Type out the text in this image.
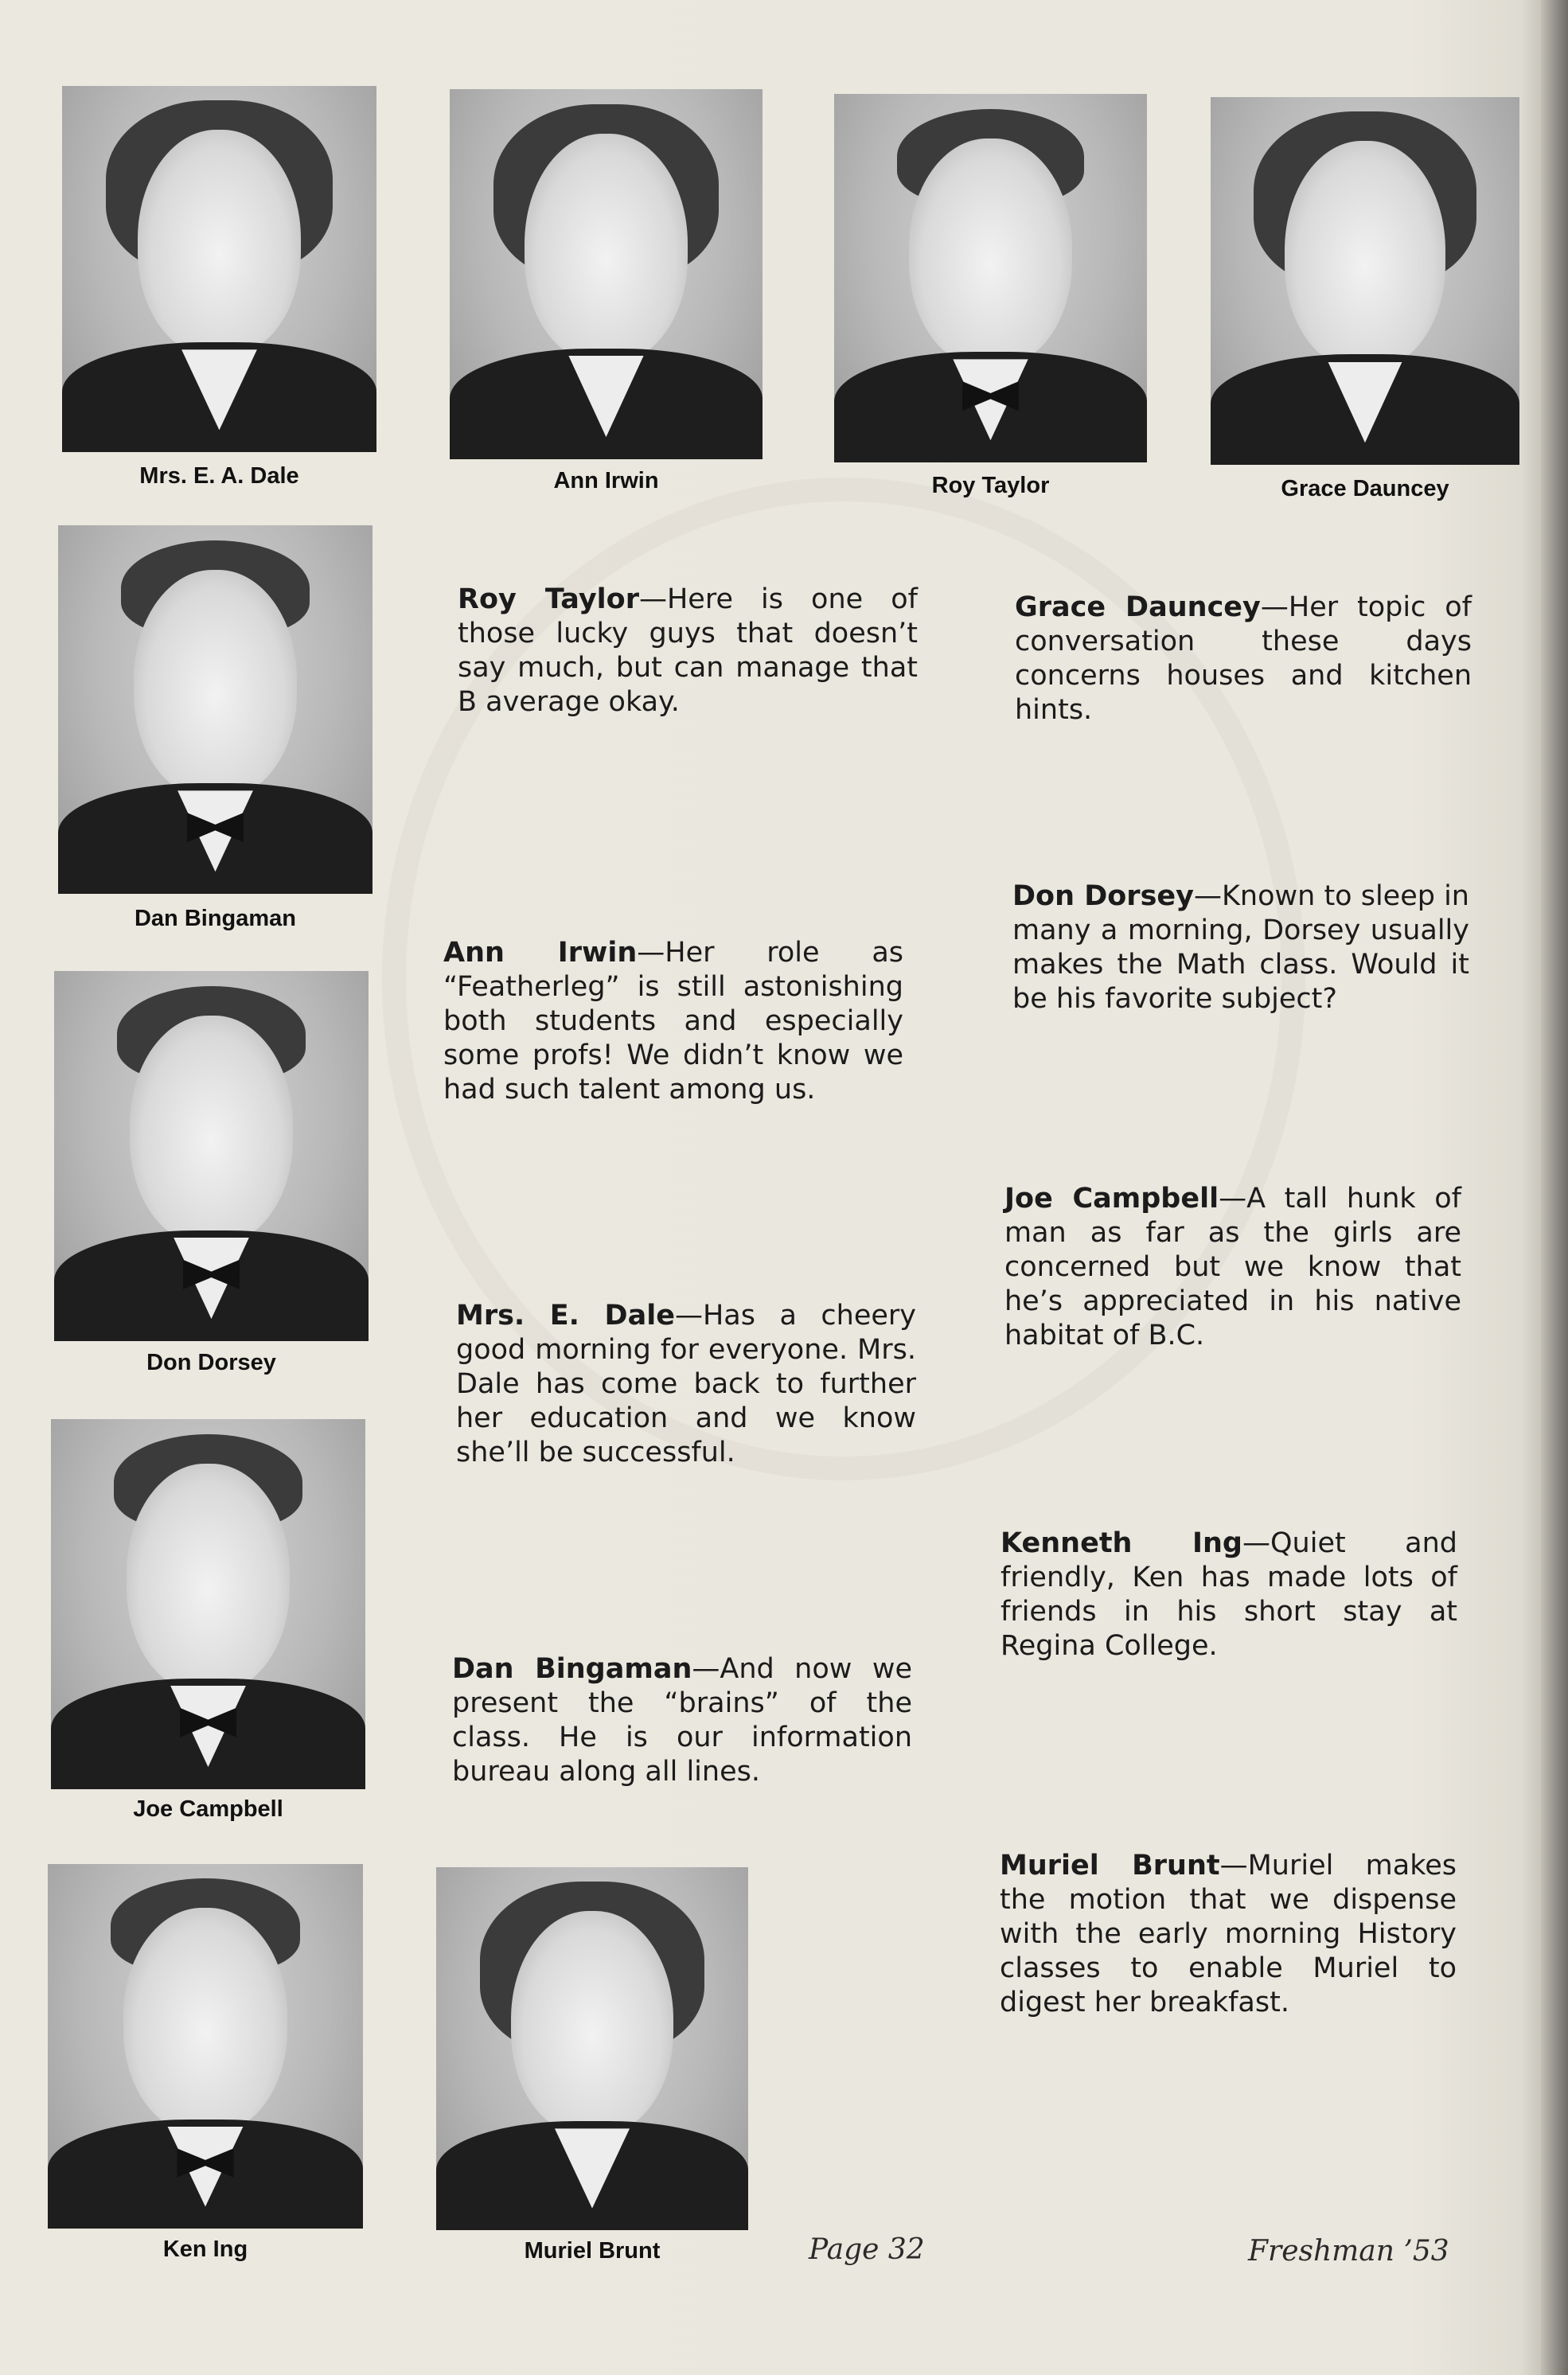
Mrs. E. A. Dale	Ann Irwin	Roy Taylor	Grace Dauncey
Dan Bingaman
Don Dorsey
Joe Campbell
Ken Ing	Muriel Brunt
Roy Taylor—Here is one of those lucky guys that doesn’t say much, but can manage that B average okay.
Ann Irwin—Her role as “Featherleg” is still astonishing both students and especially some profs! We didn’t know we had such talent among us.
Mrs. E. Dale—Has a cheery good morning for everyone. Mrs. Dale has come back to further her education and we know she’ll be successful.
Dan Bingaman—And now we present the “brains” of the class. He is our information bureau along all lines.
Grace Dauncey—Her topic of conversation these days concerns houses and kitchen hints.
Don Dorsey—Known to sleep in many a morning, Dorsey usually makes the Math class. Would it be his favorite subject?
Joe Campbell—A tall hunk of man as far as the girls are concerned but we know that he’s appreciated in his native habitat of B.C.
Kenneth Ing—Quiet and friendly, Ken has made lots of friends in his short stay at Regina College.
Muriel Brunt—Muriel makes the motion that we dispense with the early morning History classes to enable Muriel to digest her breakfast.
Page 32	Freshman ’53
